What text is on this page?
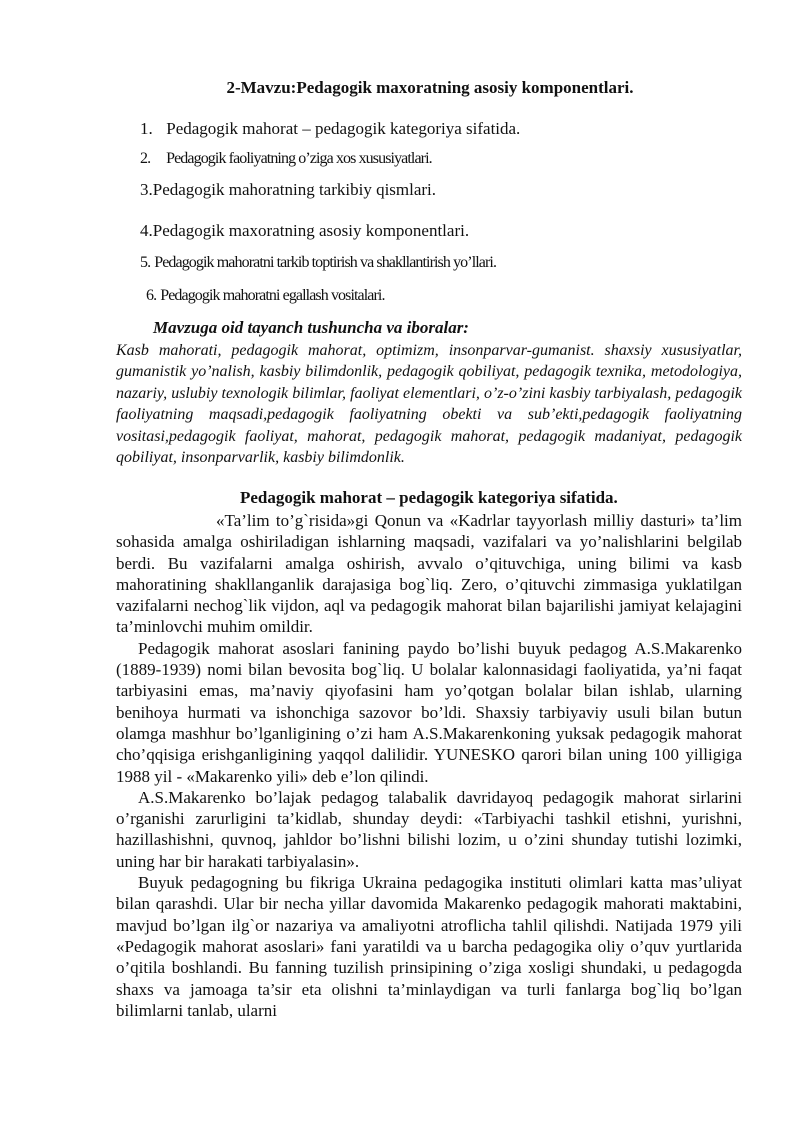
2-Mavzu:Pedagogik maxoratning asosiy komponentlari.
1. Pedagogik mahorat – pedagogik kategoriya sifatida.
2. Pedagogik faoliyatning o’ziga xos xususiyatlari.
3.Pedagogik mahoratning tarkibiy qismlari.
4.Pedagogik maxoratning asosiy komponentlari.
5. Pedagogik mahoratni tarkib toptirish va shakllantirish yo’llari.
6. Pedagogik mahoratni egallash vositalari.
Mavzuga oid tayanch tushuncha va iboralar:
Kasb mahorati, pedagogik mahorat, optimizm, insonparvar-gumanist. shaxsiy xususiyatlar, gumanistik yo’nalish, kasbiy bilimdonlik, pedagogik qobiliyat, pedagogik texnika, metodologiya, nazariy, uslubiy texnologik bilimlar, faoliyat elementlari, o’z-o’zini kasbiy tarbiyalash, pedagogik faoliyatning maqsadi,pedagogik faoliyatning obekti va sub’ekti,pedagogik faoliyatning vositasi,pedagogik faoliyat, mahorat, pedagogik mahorat, pedagogik madaniyat, pedagogik qobiliyat, insonparvarlik, kasbiy bilimdonlik.
Pedagogik mahorat – pedagogik kategoriya sifatida.

«Ta’lim to’g`risida»gi Qonun va «Kadrlar tayyorlash milliy dasturi» ta’lim sohasida amalga oshiriladigan ishlarning maqsadi, vazifalari va yo’nalishlarini belgilab berdi. Bu vazifalarni amalga oshirish, avvalo o’qituvchiga, uning bilimi va kasb mahoratining shakllanganlik darajasiga bog`liq. Zero, o’qituvchi zimmasiga yuklatilgan vazifalarni nechog`lik vijdon, aql va pedagogik mahorat bilan bajarilishi jamiyat kelajagini ta’minlovchi muhim omildir.

Pedagogik mahorat asoslari fanining paydo bo’lishi buyuk pedagog A.S.Makarenko (1889-1939) nomi bilan bevosita bog`liq. U bolalar kalonnasidagi faoliyatida, ya’ni faqat tarbiyasini emas, ma’naviy qiyofasini ham yo’qotgan bolalar bilan ishlab, ularning benihoya hurmati va ishonchiga sazovor bo’ldi. Shaxsiy tarbiyaviy usuli bilan butun olamga mashhur bo’lganligining o’zi ham A.S.Makarenkoning yuksak pedagogik mahorat cho’qqisiga erishganligining yaqqol dalilidir. YUNESKO qarori bilan uning 100 yilligiga 1988 yil - «Makarenko yili» deb e’lon qilindi.

A.S.Makarenko bo’lajak pedagog talabalik davridayoq pedagogik mahorat sirlarini o’rganishi zarurligini ta’kidlab, shunday deydi: «Tarbiyachi tashkil etishni, yurishni, hazillashishni, quvnoq, jahldor bo’lishni bilishi lozim, u o’zini shunday tutishi lozimki, uning har bir harakati tarbiyalasin».

Buyuk pedagogning bu fikriga Ukraina pedagogika instituti olimlari katta mas’uliyat bilan qarashdi. Ular bir necha yillar davomida Makarenko pedagogik mahorati maktabini, mavjud bo’lgan ilg`or nazariya va amaliyotni atroflicha tahlil qilishdi. Natijada 1979 yili «Pedagogik mahorat asoslari» fani yaratildi va u barcha pedagogika oliy o’quv yurtlarida o’qitila boshlandi. Bu fanning tuzilish prinsipining o’ziga xosligi shundaki, u pedagogda shaxs va jamoaga ta’sir eta olishni ta’minlaydigan va turli fanlarga bog`liq bo’lgan bilimlarni tanlab, ularni
